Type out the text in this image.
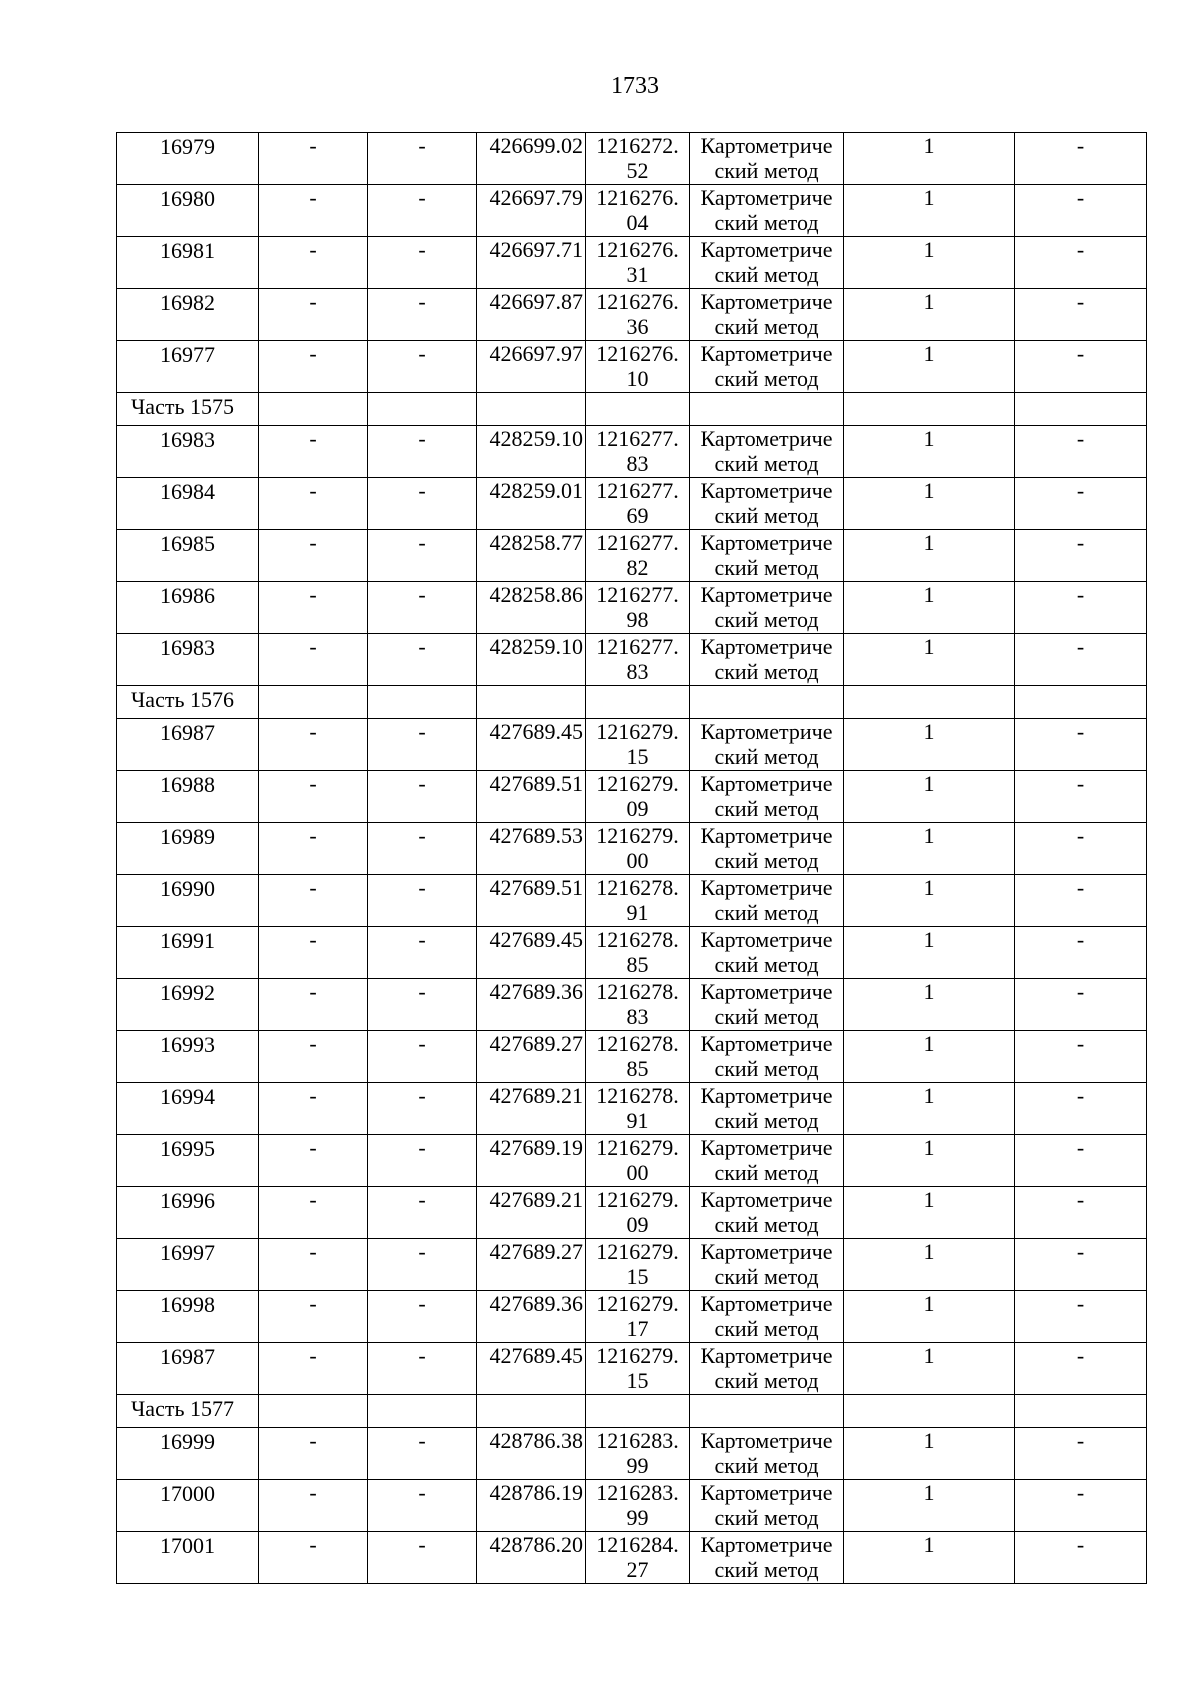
1733
16979	-	-	426699.02	1216272.
52	Картометриче
ский метод	1	-
16980	-	-	426697.79	1216276.
04	Картометриче
ский метод	1	-
16981	-	-	426697.71	1216276.
31	Картометриче
ский метод	1	-
16982	-	-	426697.87	1216276.
36	Картометриче
ский метод	1	-
16977	-	-	426697.97	1216276.
10	Картометриче
ский метод	1	-
Часть 1575							
16983	-	-	428259.10	1216277.
83	Картометриче
ский метод	1	-
16984	-	-	428259.01	1216277.
69	Картометриче
ский метод	1	-
16985	-	-	428258.77	1216277.
82	Картометриче
ский метод	1	-
16986	-	-	428258.86	1216277.
98	Картометриче
ский метод	1	-
16983	-	-	428259.10	1216277.
83	Картометриче
ский метод	1	-
Часть 1576							
16987	-	-	427689.45	1216279.
15	Картометриче
ский метод	1	-
16988	-	-	427689.51	1216279.
09	Картометриче
ский метод	1	-
16989	-	-	427689.53	1216279.
00	Картометриче
ский метод	1	-
16990	-	-	427689.51	1216278.
91	Картометриче
ский метод	1	-
16991	-	-	427689.45	1216278.
85	Картометриче
ский метод	1	-
16992	-	-	427689.36	1216278.
83	Картометриче
ский метод	1	-
16993	-	-	427689.27	1216278.
85	Картометриче
ский метод	1	-
16994	-	-	427689.21	1216278.
91	Картометриче
ский метод	1	-
16995	-	-	427689.19	1216279.
00	Картометриче
ский метод	1	-
16996	-	-	427689.21	1216279.
09	Картометриче
ский метод	1	-
16997	-	-	427689.27	1216279.
15	Картометриче
ский метод	1	-
16998	-	-	427689.36	1216279.
17	Картометриче
ский метод	1	-
16987	-	-	427689.45	1216279.
15	Картометриче
ский метод	1	-
Часть 1577							
16999	-	-	428786.38	1216283.
99	Картометриче
ский метод	1	-
17000	-	-	428786.19	1216283.
99	Картометриче
ский метод	1	-
17001	-	-	428786.20	1216284.
27	Картометриче
ский метод	1	-
